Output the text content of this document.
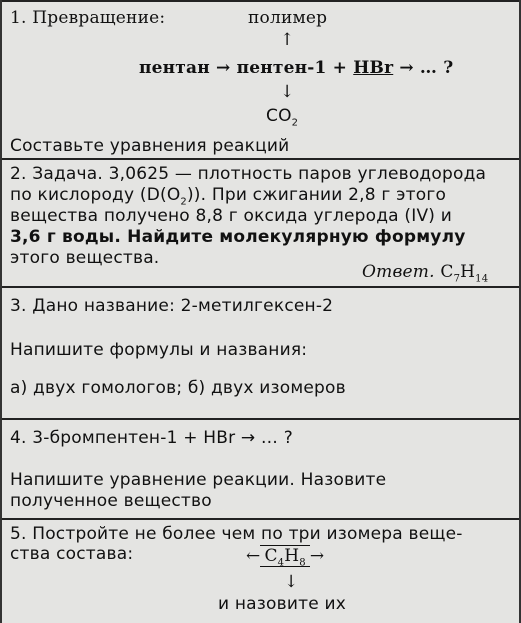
1. Превращение:	полимер
↑
пентан → пентен-1 + HBr → … ?
↓
$CO_2$
Составьте уравнения реакций
2. Задача. 3,0625 — плотность паров углеводорода
по кислороду $(D(O_2))$. При сжигании 2,8 г этого
вещества получено 8,8 г оксида углерода (IV) и
3,6 г воды. Найдите молекулярную формулу
этого вещества.
Ответ. $C_7H_{14}$
3. Дано название: 2-метилгексен-2
Напишите формулы и названия:
а) двух гомологов; б) двух изомеров
4. 3-бромпентен-1 + HBr → … ?
Напишите уравнение реакции. Назовите
полученное вещество
5. Постройте не более чем по три изомера веще-
ства состава:	← $C_4H_8$ →
↓
и назовите их
